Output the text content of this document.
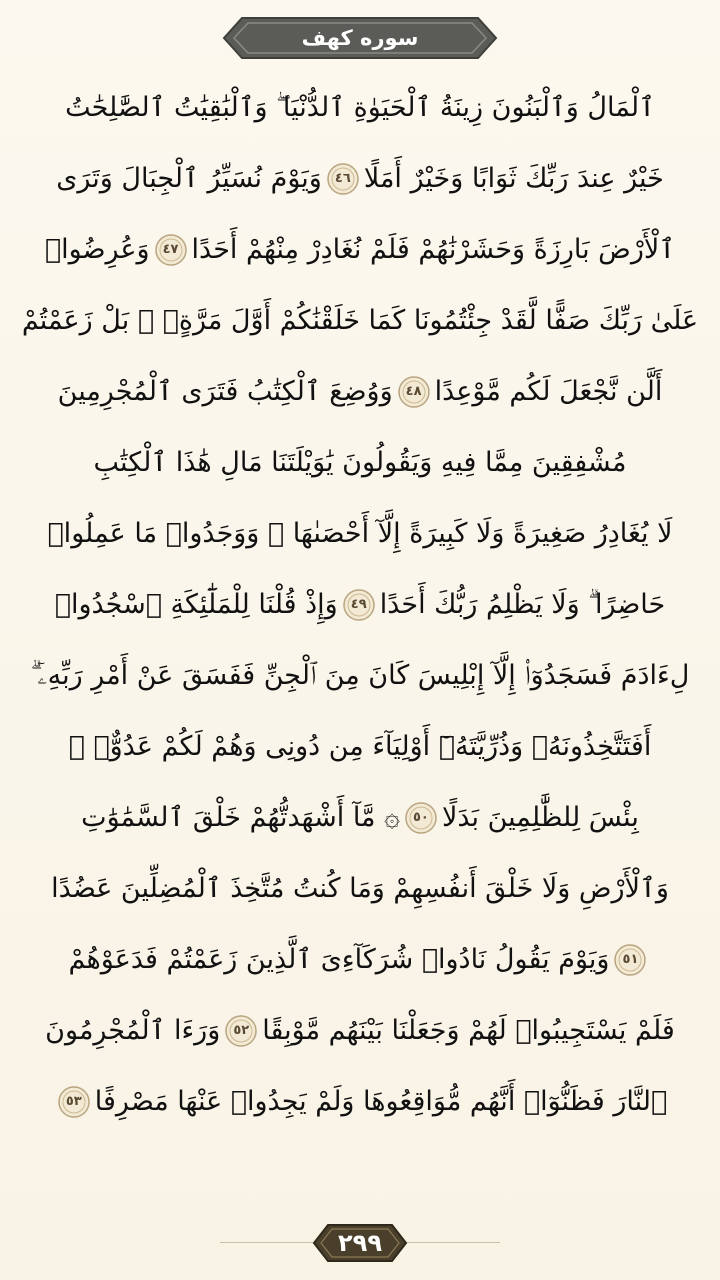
سوره کهف
ٱلْمَالُ وَٱلْبَنُونَ زِينَةُ ٱلْحَيَوٰةِ ٱلدُّنْيَا ۖ وَٱلْبَٰقِيَٰتُ ٱلصَّٰلِحَٰتُ
خَيْرٌ عِندَ رَبِّكَ ثَوَابًا وَخَيْرٌ أَمَلًا
٤٦
وَيَوْمَ نُسَيِّرُ ٱلْجِبَالَ وَتَرَى
ٱلْأَرْضَ بَارِزَةً وَحَشَرْنَٰهُمْ فَلَمْ نُغَادِرْ مِنْهُمْ أَحَدًا
٤٧
وَعُرِضُوا۟
عَلَىٰ رَبِّكَ صَفًّا لَّقَدْ جِئْتُمُونَا كَمَا خَلَقْنَٰكُمْ أَوَّلَ مَرَّةٍۭ ۚ بَلْ زَعَمْتُمْ
أَلَّن نَّجْعَلَ لَكُم مَّوْعِدًا
٤٨
وَوُضِعَ ٱلْكِتَٰبُ فَتَرَى ٱلْمُجْرِمِينَ
مُشْفِقِينَ مِمَّا فِيهِ وَيَقُولُونَ يَٰوَيْلَتَنَا مَالِ هَٰذَا ٱلْكِتَٰبِ
لَا يُغَادِرُ صَغِيرَةً وَلَا كَبِيرَةً إِلَّآ أَحْصَىٰهَا ۚ وَوَجَدُوا۟ مَا عَمِلُوا۟
حَاضِرًا ۗ وَلَا يَظْلِمُ رَبُّكَ أَحَدًا
٤٩
وَإِذْ قُلْنَا لِلْمَلَٰٓئِكَةِ ٱسْجُدُوا۟
لِءَادَمَ فَسَجَدُوٓا۟ إِلَّآ إِبْلِيسَ كَانَ مِنَ ٱلْجِنِّ فَفَسَقَ عَنْ أَمْرِ رَبِّهِۦٓ ۗ
أَفَتَتَّخِذُونَهُۥ وَذُرِّيَّتَهُۥٓ أَوْلِيَآءَ مِن دُونِى وَهُمْ لَكُمْ عَدُوٌّۢ ۚ
بِئْسَ لِلظَّٰلِمِينَ بَدَلًا
٥٠
۞ مَّآ أَشْهَدتُّهُمْ خَلْقَ ٱلسَّمَٰوَٰتِ
وَٱلْأَرْضِ وَلَا خَلْقَ أَنفُسِهِمْ وَمَا كُنتُ مُتَّخِذَ ٱلْمُضِلِّينَ عَضُدًا
٥١
وَيَوْمَ يَقُولُ نَادُوا۟ شُرَكَآءِىَ ٱلَّذِينَ زَعَمْتُمْ فَدَعَوْهُمْ
فَلَمْ يَسْتَجِيبُوا۟ لَهُمْ وَجَعَلْنَا بَيْنَهُم مَّوْبِقًا
٥٢
وَرَءَا ٱلْمُجْرِمُونَ
ٱلنَّارَ فَظَنُّوٓا۟ أَنَّهُم مُّوَاقِعُوهَا وَلَمْ يَجِدُوا۟ عَنْهَا مَصْرِفًا
٥٣
۲۹۹
